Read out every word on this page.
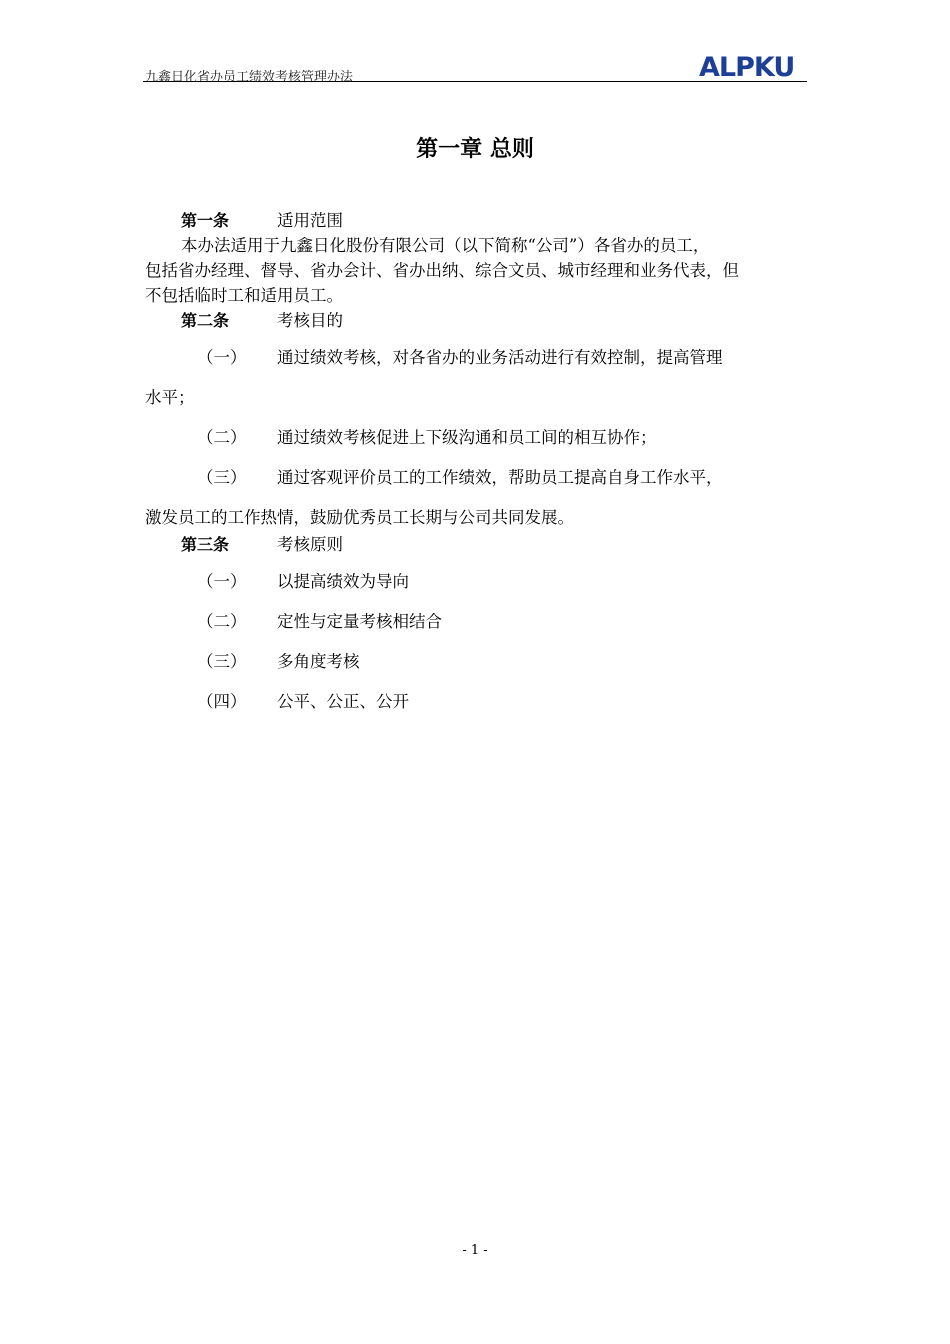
九鑫日化省办员工绩效考核管理办法	ALPKU
第一章 总则
第一条	适用范围
本办法适用于九鑫日化股份有限公司（以下简称“公司”）各省办的员工，
包括省办经理、督导、省办会计、省办出纳、综合文员、城市经理和业务代表，但
不包括临时工和适用员工。
第二条	考核目的
（一） 通过绩效考核，对各省办的业务活动进行有效控制，提高管理
水平；
（二） 通过绩效考核促进上下级沟通和员工间的相互协作；
（三） 通过客观评价员工的工作绩效，帮助员工提高自身工作水平，
激发员工的工作热情，鼓励优秀员工长期与公司共同发展。
第三条	考核原则
（一） 以提高绩效为导向
（二） 定性与定量考核相结合
（三） 多角度考核
（四） 公平、公正、公开
- 1 -
